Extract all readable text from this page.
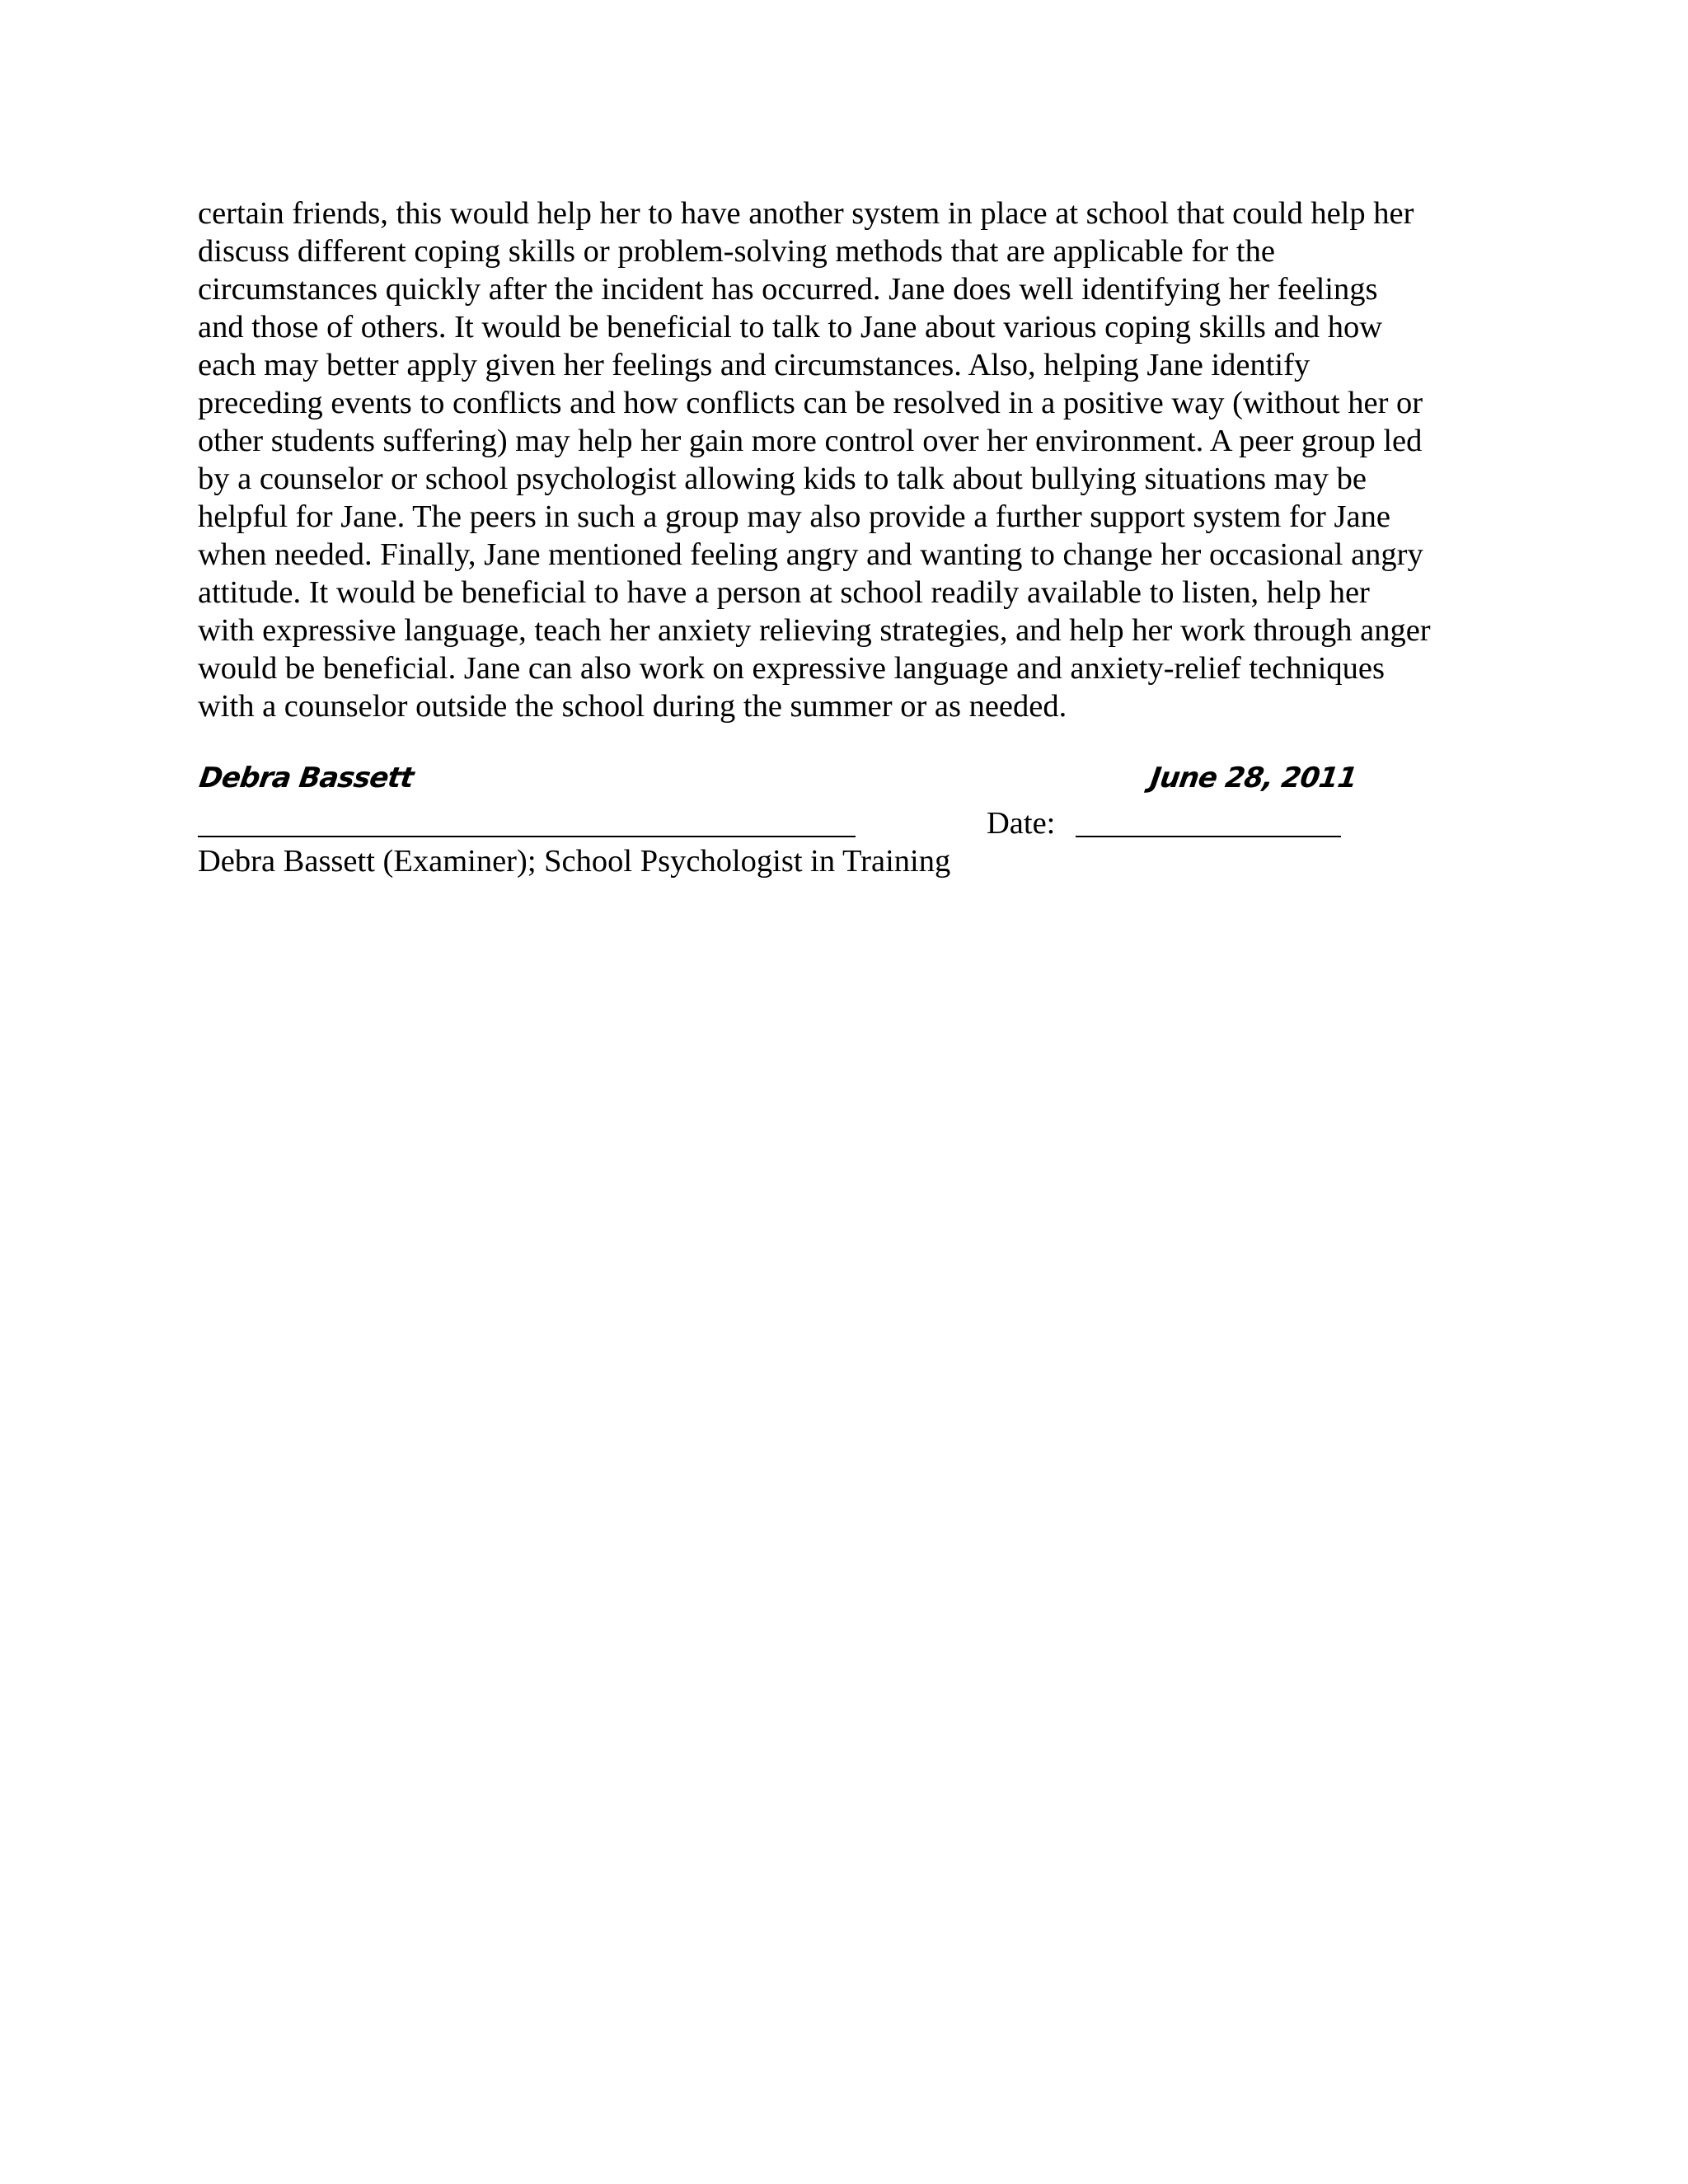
certain friends, this would help her to have another system in place at school that could help her
discuss different coping skills or problem-solving methods that are applicable for the
circumstances quickly after the incident has occurred. Jane does well identifying her feelings
and those of others. It would be beneficial to talk to Jane about various coping skills and how
each may better apply given her feelings and circumstances. Also, helping Jane identify
preceding events to conflicts and how conflicts can be resolved in a positive way (without her or
other students suffering) may help her gain more control over her environment. A peer group led
by a counselor or school psychologist allowing kids to talk about bullying situations may be
helpful for Jane. The peers in such a group may also provide a further support system for Jane
when needed. Finally, Jane mentioned feeling angry and wanting to change her occasional angry
attitude. It would be beneficial to have a person at school readily available to listen, help her
with expressive language, teach her anxiety relieving strategies, and help her work through anger
would be beneficial. Jane can also work on expressive language and anxiety-relief techniques
with a counselor outside the school during the summer or as needed.
Debra Bassett	June 28, 2011
Date:
Debra Bassett (Examiner); School Psychologist in Training
